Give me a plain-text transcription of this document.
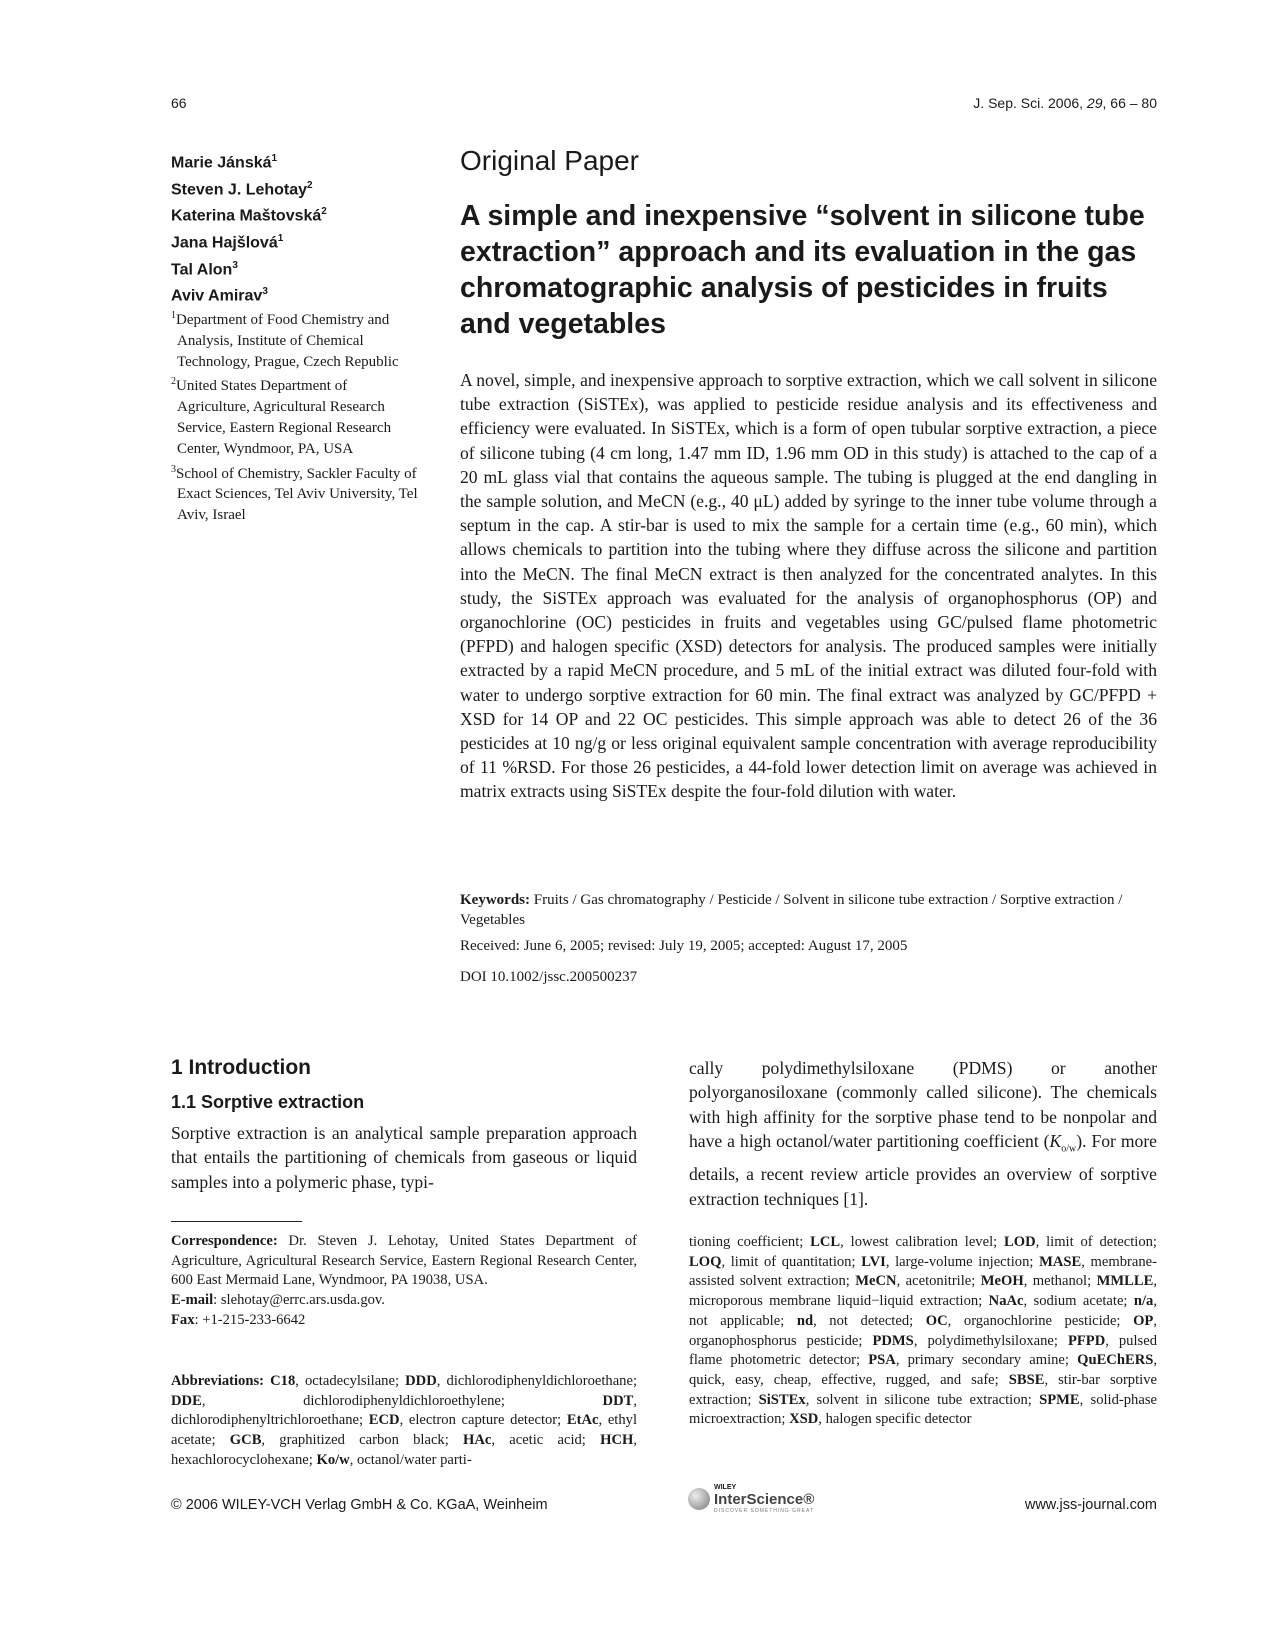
66	J. Sep. Sci. 2006, 29, 66 – 80
Marie Jánská$^1$
Steven J. Lehotay$^2$
Katerina Maštovská$^2$
Jana Hajšlová$^1$
Tal Alon$^3$
Aviv Amirav$^3$
$^1$Department of Food Chemistry and Analysis, Institute of Chemical Technology, Prague, Czech Republic
$^2$United States Department of Agriculture, Agricultural Research Service, Eastern Regional Research Center, Wyndmoor, PA, USA
$^3$School of Chemistry, Sackler Faculty of Exact Sciences, Tel Aviv University, Tel Aviv, Israel
Original Paper
A simple and inexpensive “solvent in silicone tube extraction” approach and its evaluation in the gas chromatographic analysis of pesticides in fruits and vegetables
A novel, simple, and inexpensive approach to sorptive extraction, which we call solvent in silicone tube extraction (SiSTEx), was applied to pesticide residue analysis and its effectiveness and efficiency were evaluated. In SiSTEx, which is a form of open tubular sorptive extraction, a piece of silicone tubing (4 cm long, 1.47 mm ID, 1.96 mm OD in this study) is attached to the cap of a 20 mL glass vial that contains the aqueous sample. The tubing is plugged at the end dangling in the sample solution, and MeCN (e.g., 40 μL) added by syringe to the inner tube volume through a septum in the cap. A stir-bar is used to mix the sample for a certain time (e.g., 60 min), which allows chemicals to partition into the tubing where they diffuse across the silicone and partition into the MeCN. The final MeCN extract is then analyzed for the concentrated analytes. In this study, the SiSTEx approach was evaluated for the analysis of organophosphorus (OP) and organochlorine (OC) pesticides in fruits and vegetables using GC/pulsed flame photometric (PFPD) and halogen specific (XSD) detectors for analysis. The produced samples were initially extracted by a rapid MeCN procedure, and 5 mL of the initial extract was diluted four-fold with water to undergo sorptive extraction for 60 min. The final extract was analyzed by GC/PFPD + XSD for 14 OP and 22 OC pesticides. This simple approach was able to detect 26 of the 36 pesticides at 10 ng/g or less original equivalent sample concentration with average reproducibility of 11 %RSD. For those 26 pesticides, a 44-fold lower detection limit on average was achieved in matrix extracts using SiSTEx despite the four-fold dilution with water.
Keywords: Fruits / Gas chromatography / Pesticide / Solvent in silicone tube extraction / Sorptive extraction / Vegetables
Received: June 6, 2005; revised: July 19, 2005; accepted: August 17, 2005
DOI 10.1002/jssc.200500237
1 Introduction
1.1 Sorptive extraction
Sorptive extraction is an analytical sample preparation approach that entails the partitioning of chemicals from gaseous or liquid samples into a polymeric phase, typi-
cally polydimethylsiloxane (PDMS) or another polyorganosiloxane (commonly called silicone). The chemicals with high affinity for the sorptive phase tend to be nonpolar and have a high octanol/water partitioning coefficient $(K_{o/w})$. For more details, a recent review article provides an overview of sorptive extraction techniques [1].
Correspondence: Dr. Steven J. Lehotay, United States Department of Agriculture, Agricultural Research Service, Eastern Regional Research Center, 600 East Mermaid Lane, Wyndmoor, PA 19038, USA.
E-mail: slehotay@errc.ars.usda.gov.
Fax: +1-215-233-6642
Abbreviations: C18, octadecylsilane; DDD, dichlorodiphenyldichloroethane; DDE, dichlorodiphenyldichloroethylene; DDT, dichlorodiphenyltrichloroethane; ECD, electron capture detector; EtAc, ethyl acetate; GCB, graphitized carbon black; HAc, acetic acid; HCH, hexachlorocyclohexane; Ko/w, octanol/water parti-
tioning coefficient; LCL, lowest calibration level; LOD, limit of detection; LOQ, limit of quantitation; LVI, large-volume injection; MASE, membrane-assisted solvent extraction; MeCN, acetonitrile; MeOH, methanol; MMLLE, microporous membrane liquid−liquid extraction; NaAc, sodium acetate; n/a, not applicable; nd, not detected; OC, organochlorine pesticide; OP, organophosphorus pesticide; PDMS, polydimethylsiloxane; PFPD, pulsed flame photometric detector; PSA, primary secondary amine; QuEChERS, quick, easy, cheap, effective, rugged, and safe; SBSE, stir-bar sorptive extraction; SiSTEx, solvent in silicone tube extraction; SPME, solid-phase microextraction; XSD, halogen specific detector
© 2006 WILEY-VCH Verlag GmbH & Co. KGaA, Weinheim
WILEY
InterScience®
DISCOVER SOMETHING GREAT	www.jss-journal.com
